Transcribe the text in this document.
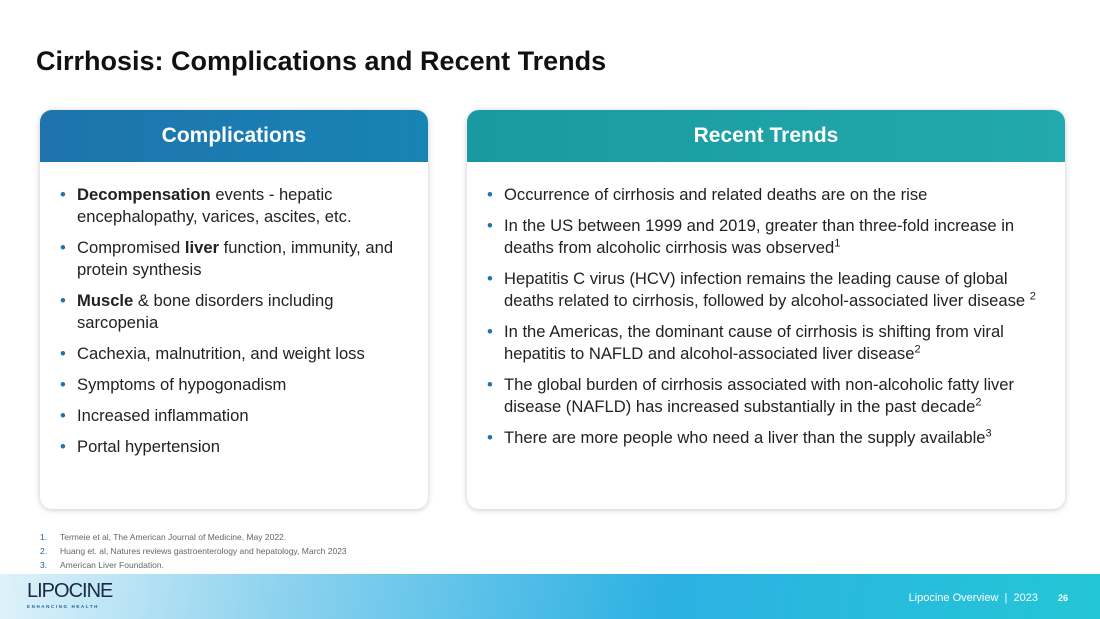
Cirrhosis: Complications and Recent Trends
Complications
• Decompensation events - hepatic encephalopathy, varices, ascites, etc.
• Compromised liver function, immunity, and protein synthesis
• Muscle & bone disorders including sarcopenia
• Cachexia, malnutrition, and weight loss
• Symptoms of hypogonadism
• Increased inflammation
• Portal hypertension
Recent Trends
• Occurrence of cirrhosis and related deaths are on the rise
• In the US between 1999 and 2019, greater than three-fold increase in deaths from alcoholic cirrhosis was observed$^1$
• Hepatitis C virus (HCV) infection remains the leading cause of global deaths related to cirrhosis, followed by alcohol-associated liver disease $^2$
• In the Americas, the dominant cause of cirrhosis is shifting from viral hepatitis to NAFLD and alcohol-associated liver disease$^2$
• The global burden of cirrhosis associated with non-alcoholic fatty liver disease (NAFLD) has increased substantially in the past decade$^2$
• There are more people who need a liver than the supply available$^3$
1. Termeie et al, The American Journal of Medicine, May 2022.
2. Huang et. al, Natures reviews gastroenterology and hepatology, March 2023
3. American Liver Foundation.
LIPOCINE
ENHANCING HEALTH
Lipocine Overview  |  2023 26
